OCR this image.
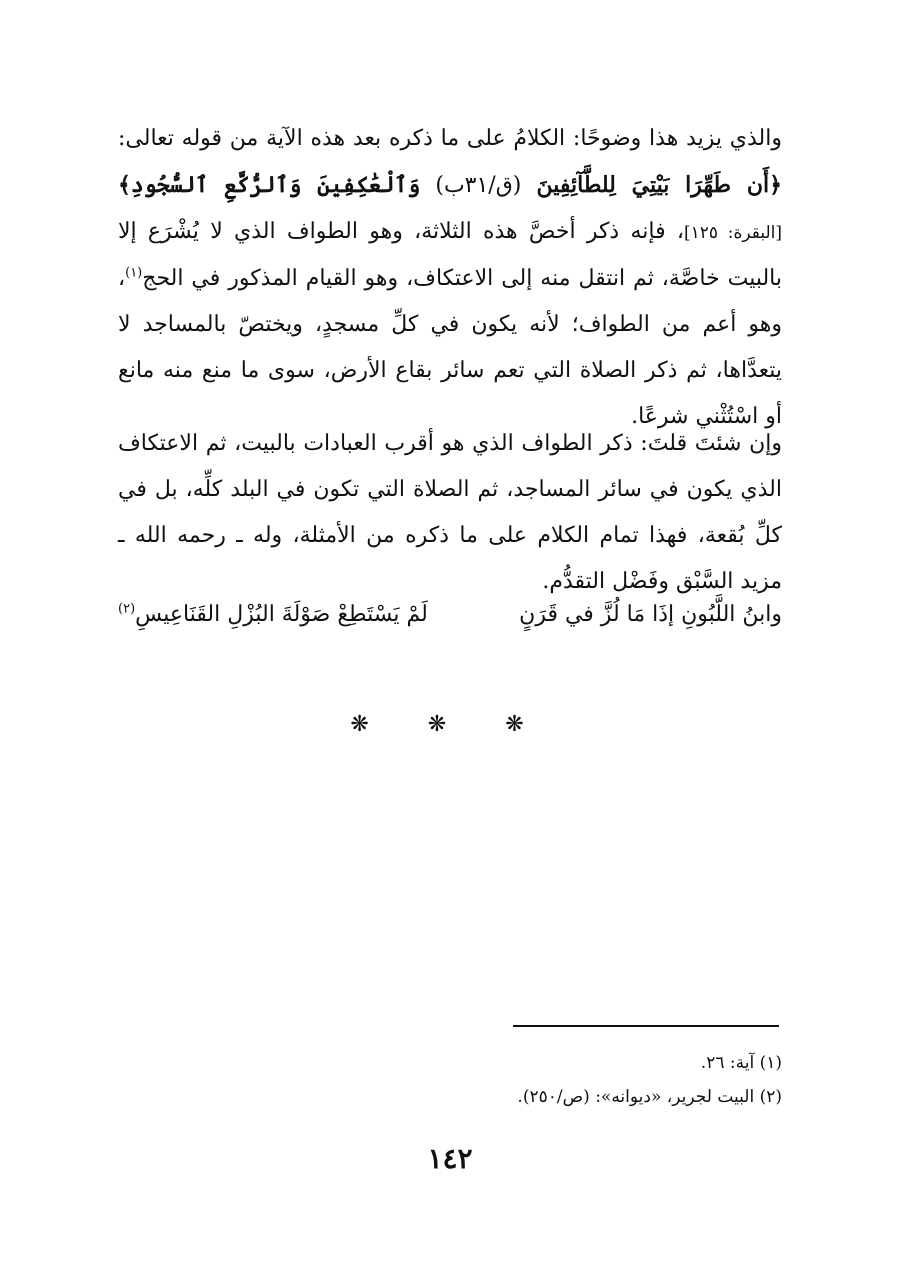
والذي يزيد هذا وضوحًا: الكلامُ على ما ذكره بعد هذه الآية من قوله تعالى: ﴿أَن طَهِّرَا بَيْتِيَ لِلطَّآئِفِينَ (ق/٣١ب) وَٱلْعَٰكِفِينَ وَٱلرُّكَّعِ ٱلسُّجُودِ﴾ [البقرة: ١٢٥]، فإنه ذكر أخصَّ هذه الثلاثة، وهو الطواف الذي لا يُشْرَع إلا بالبيت خاصَّة، ثم انتقل منه إلى الاعتكاف، وهو القيام المذكور في الحج$^{(١)}$، وهو أعم من الطواف؛ لأنه يكون في كلِّ مسجدٍ، ويختصّ بالمساجد لا يتعدَّاها، ثم ذكر الصلاة التي تعم سائر بقاع الأرض، سوى ما منع منه مانع أو اسْتُثْني شرعًا.

وإن شئتَ قلتَ: ذكر الطواف الذي هو أقرب العبادات بالبيت، ثم الاعتكاف الذي يكون في سائر المساجد، ثم الصلاة التي تكون في البلد كلِّه، بل في كلِّ بُقعة، فهذا تمام الكلام على ما ذكره من الأمثلة، وله ـ رحمه الله ـ مزيد السَّبْق وفَضْل التقدُّم.

وابنُ اللَّبُونِ إذَا مَا لُزَّ في قَرَنٍ
لَمْ يَسْتَطِعْ صَوْلَةَ البُزْلِ القَنَاعِيسِ$^{(٢)}$
❋ ❋ ❋
(١) آية: ٢٦.
(٢) البيت لجرير، «ديوانه»: (ص/٢٥٠).
١٤٢
